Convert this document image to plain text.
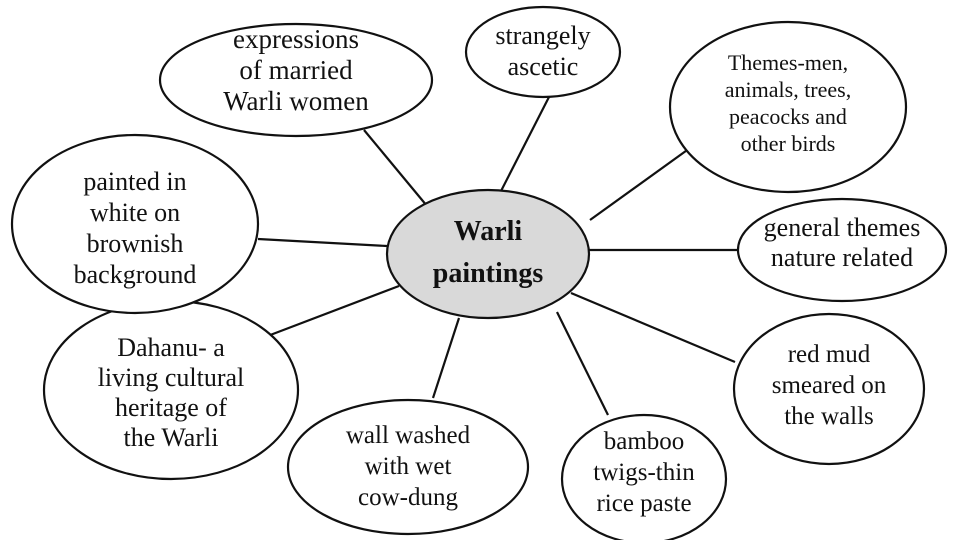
expressions
of married
Warli women
strangely
ascetic	Themes-men,
animals, trees,
peacocks and
other birds
general themes
nature related
red mud
smeared on
the walls
bamboo
twigs-thin
rice paste
wall washed
with wet
cow-dung
Dahanu- a
living cultural
heritage of
the Warli
painted in
white on
brownish
background
Warli
paintings
